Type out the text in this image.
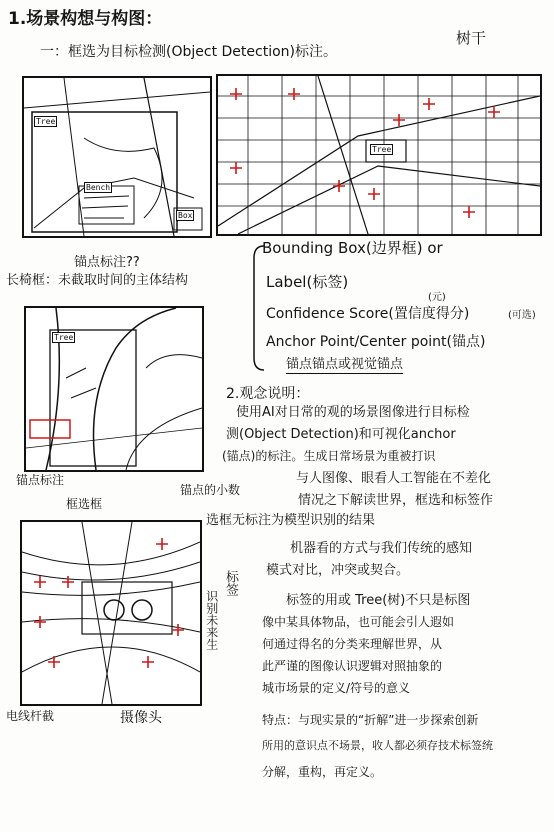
1.场景构想与构图：
一：框选为目标检测(Object Detection)标注。
树干
Tree
Bench
Box
Tree
锚点标注??
长椅框：未截取时间的主体结构
Bounding Box(边界框) or
Label(标签)
(元)
Confidence Score(置信度得分)	(可选)
Anchor Point/Center point(锚点)
锚点锚点或视觉锚点
Tree
锚点标注
框选框
锚点的小数
2.观念说明：
使用AI对日常的观的场景图像进行目标检
测(Object Detection)和可视化anchor
(锚点)的标注。生成日常场景为重被打识
与人图像、眼看人工智能在不差化
情况之下解读世界，框选和标签作
选框无标注为模型识别的结果
机器看的方式与我们传统的感知
模式对比，冲突或契合。
标签的用或 Tree(树)不只是标图
像中某具体物品，也可能会引人遐如
何通过得名的分类来理解世界，从
此严谨的图像认识逻辑对照抽象的
城市场景的定义/符号的意义
特点：与现实景的“折解”进一步探索创新
所用的意识点不场景，收人都必须存技术标签统
分解，重构，再定义。
标签
识别未来生
电线杆截	摄像头
